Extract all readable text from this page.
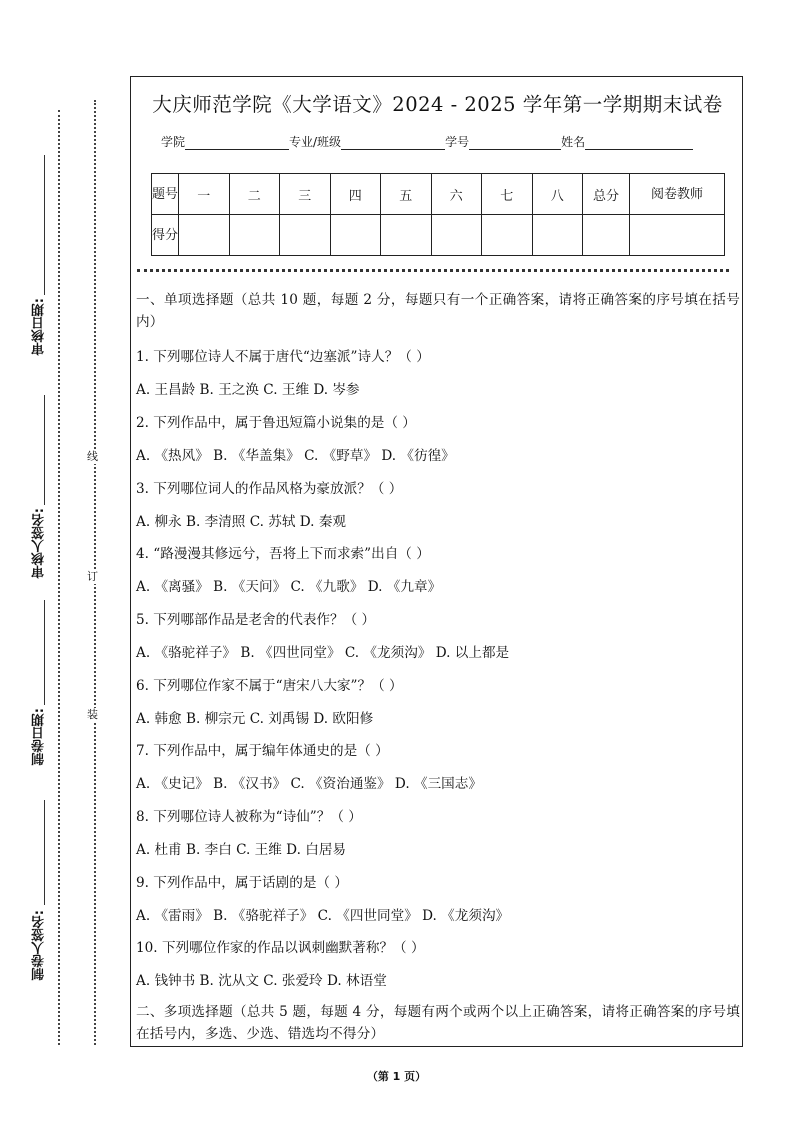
审核日期:
审核人签名:
制卷日期:
制卷人签名:
线
订
装
大庆师范学院《大学语文》2024 - 2025 学年第一学期期末试卷
学院	专业/班级	学号	姓名
题号	一	二	三	四	五	六	七	八	总分	阅卷教师
得分										

一、单项选择题（总共 10 题，每题 2 分，每题只有一个正确答案，请将正确答案的序号填在括号内）

1. 下列哪位诗人不属于唐代“边塞派”诗人？（ ）
A. 王昌龄 B. 王之涣 C. 王维 D. 岑参
2. 下列作品中，属于鲁迅短篇小说集的是（ ）
A. 《热风》 B. 《华盖集》 C. 《野草》 D. 《彷徨》
3. 下列哪位词人的作品风格为豪放派？（ ）
A. 柳永 B. 李清照 C. 苏轼 D. 秦观
4. “路漫漫其修远兮，吾将上下而求索”出自（ ）
A. 《离骚》 B. 《天问》 C. 《九歌》 D. 《九章》
5. 下列哪部作品是老舍的代表作？（ ）
A. 《骆驼祥子》 B. 《四世同堂》 C. 《龙须沟》 D. 以上都是
6. 下列哪位作家不属于“唐宋八大家”？（ ）
A. 韩愈 B. 柳宗元 C. 刘禹锡 D. 欧阳修
7. 下列作品中，属于编年体通史的是（ ）
A. 《史记》 B. 《汉书》 C. 《资治通鉴》 D. 《三国志》
8. 下列哪位诗人被称为“诗仙”？（ ）
A. 杜甫 B. 李白 C. 王维 D. 白居易
9. 下列作品中，属于话剧的是（ ）
A. 《雷雨》 B. 《骆驼祥子》 C. 《四世同堂》 D. 《龙须沟》
10. 下列哪位作家的作品以讽刺幽默著称？（ ）
A. 钱钟书 B. 沈从文 C. 张爱玲 D. 林语堂

二、多项选择题（总共 5 题，每题 4 分，每题有两个或两个以上正确答案，请将正确答案的序号填在括号内，多选、少选、错选均不得分）

（第 1 页）
